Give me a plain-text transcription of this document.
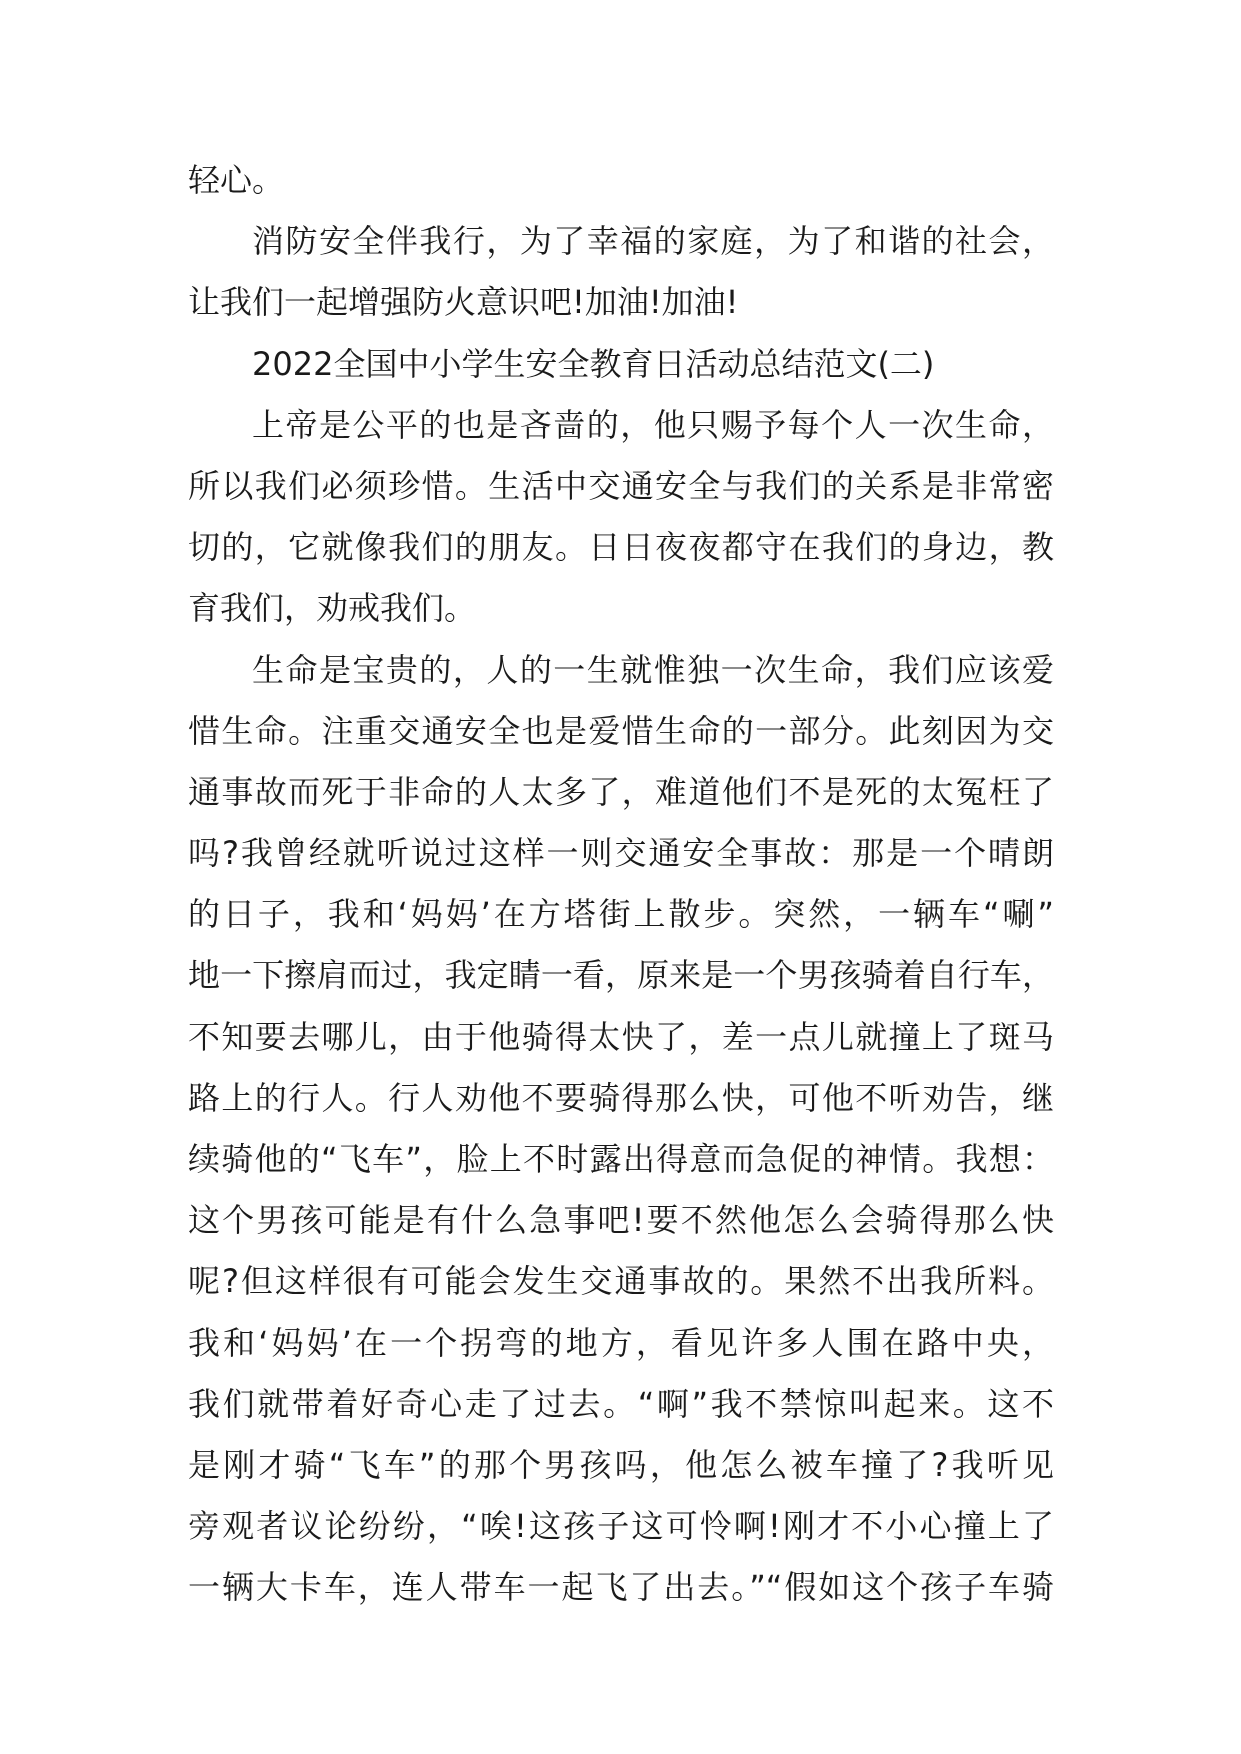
轻心。
消防安全伴我行，为了幸福的家庭，为了和谐的社会，
让我们一起增强防火意识吧!加油!加油!
2022全国中小学生安全教育日活动总结范文(二)
上帝是公平的也是吝啬的，他只赐予每个人一次生命，
所以我们必须珍惜。生活中交通安全与我们的关系是非常密
切的，它就像我们的朋友。日日夜夜都守在我们的身边，教
育我们，劝戒我们。
生命是宝贵的，人的一生就惟独一次生命，我们应该爱
惜生命。注重交通安全也是爱惜生命的一部分。此刻因为交
通事故而死于非命的人太多了，难道他们不是死的太冤枉了
吗?我曾经就听说过这样一则交通安全事故：那是一个晴朗
的日子，我和‘妈妈’在方塔街上散步。突然，一辆车“唰”
地一下擦肩而过，我定睛一看，原来是一个男孩骑着自行车，
不知要去哪儿，由于他骑得太快了，差一点儿就撞上了斑马
路上的行人。行人劝他不要骑得那么快，可他不听劝告，继
续骑他的“飞车”，脸上不时露出得意而急促的神情。我想：
这个男孩可能是有什么急事吧!要不然他怎么会骑得那么快
呢?但这样很有可能会发生交通事故的。果然不出我所料。
我和‘妈妈’在一个拐弯的地方，看见许多人围在路中央，
我们就带着好奇心走了过去。“啊”我不禁惊叫起来。这不
是刚才骑“飞车”的那个男孩吗，他怎么被车撞了?我听见
旁观者议论纷纷，“唉!这孩子这可怜啊!刚才不小心撞上了
一辆大卡车，连人带车一起飞了出去。”“假如这个孩子车骑
